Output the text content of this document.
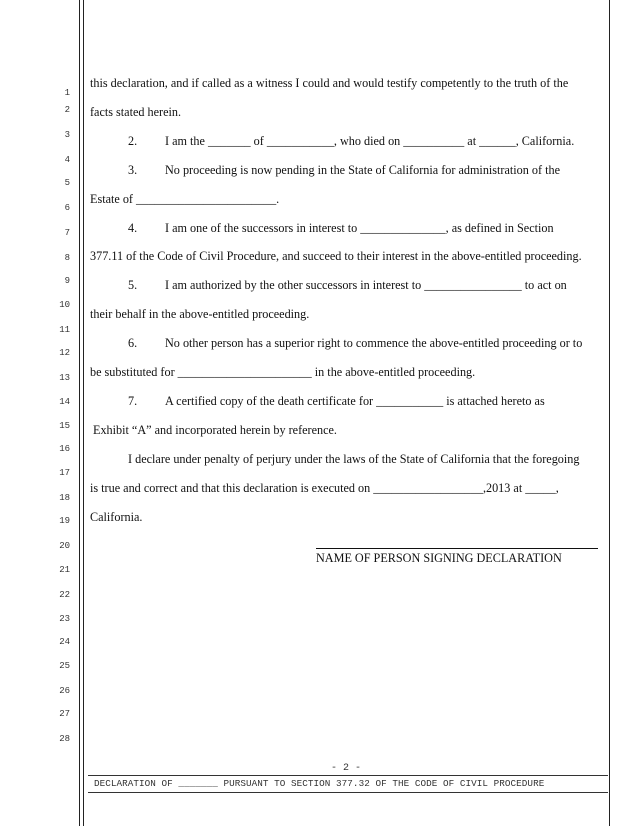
1
2
3
4
5
6
7
8
9
10
11
12
13
14
15
16
17
18
19
20
21
22
23
24
25
26
27
28
this declaration, and if called as a witness I could and would testify competently to the truth of the
facts stated herein.
2. I am the _______ of ___________, who died on __________ at ______, California.
3. No proceeding is now pending in the State of California for administration of the
Estate of _______________________.
4. I am one of the successors in interest to ______________, as defined in Section
377.11 of the Code of Civil Procedure, and succeed to their interest in the above-entitled proceeding.
5. I am authorized by the other successors in interest to ________________ to act on
their behalf in the above-entitled proceeding.
6. No other person has a superior right to commence the above-entitled proceeding or to
be substituted for ______________________ in the above-entitled proceeding.
7. A certified copy of the death certificate for ___________ is attached hereto as
Exhibit “A” and incorporated herein by reference.
I declare under penalty of perjury under the laws of the State of California that the foregoing
is true and correct and that this declaration is executed on __________________,2013 at _____,
California.
NAME OF PERSON SIGNING DECLARATION
- 2 -
DECLARATION OF _______ PURSUANT TO SECTION 377.32 OF THE CODE OF CIVIL PROCEDURE
